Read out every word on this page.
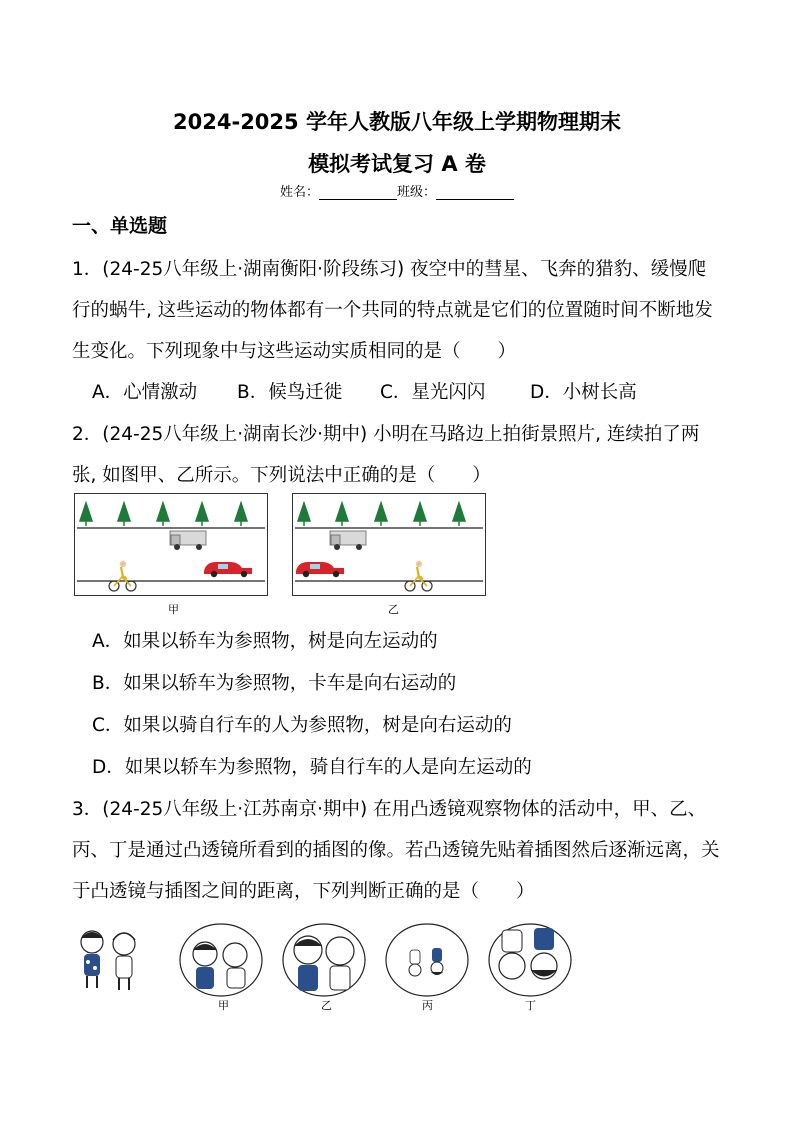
2024-2025 学年人教版八年级上学期物理期末
模拟考试复习 A 卷
姓名：	班级：
一、单选题
1．(24-25八年级上·湖南衡阳·阶段练习) 夜空中的彗星、飞奔的猎豹、缓慢爬
行的蜗牛, 这些运动的物体都有一个共同的特点就是它们的位置随时间不断地发
生变化。下列现象中与这些运动实质相同的是（　　）
A．心情激动 B．候鸟迁徙 C．星光闪闪 D．小树长高
2．(24-25八年级上·湖南长沙·期中) 小明在马路边上拍街景照片, 连续拍了两
张, 如图甲、乙所示。下列说法中正确的是（　　）
甲	乙
A．如果以轿车为参照物，树是向左运动的
B．如果以轿车为参照物，卡车是向右运动的
C．如果以骑自行车的人为参照物，树是向右运动的
D．如果以轿车为参照物，骑自行车的人是向左运动的
3．(24-25八年级上·江苏南京·期中) 在用凸透镜观察物体的活动中，甲、乙、
丙、丁是通过凸透镜所看到的插图的像。若凸透镜先贴着插图然后逐渐远离，关
于凸透镜与插图之间的距离，下列判断正确的是（　　）
甲	乙	丙	丁
